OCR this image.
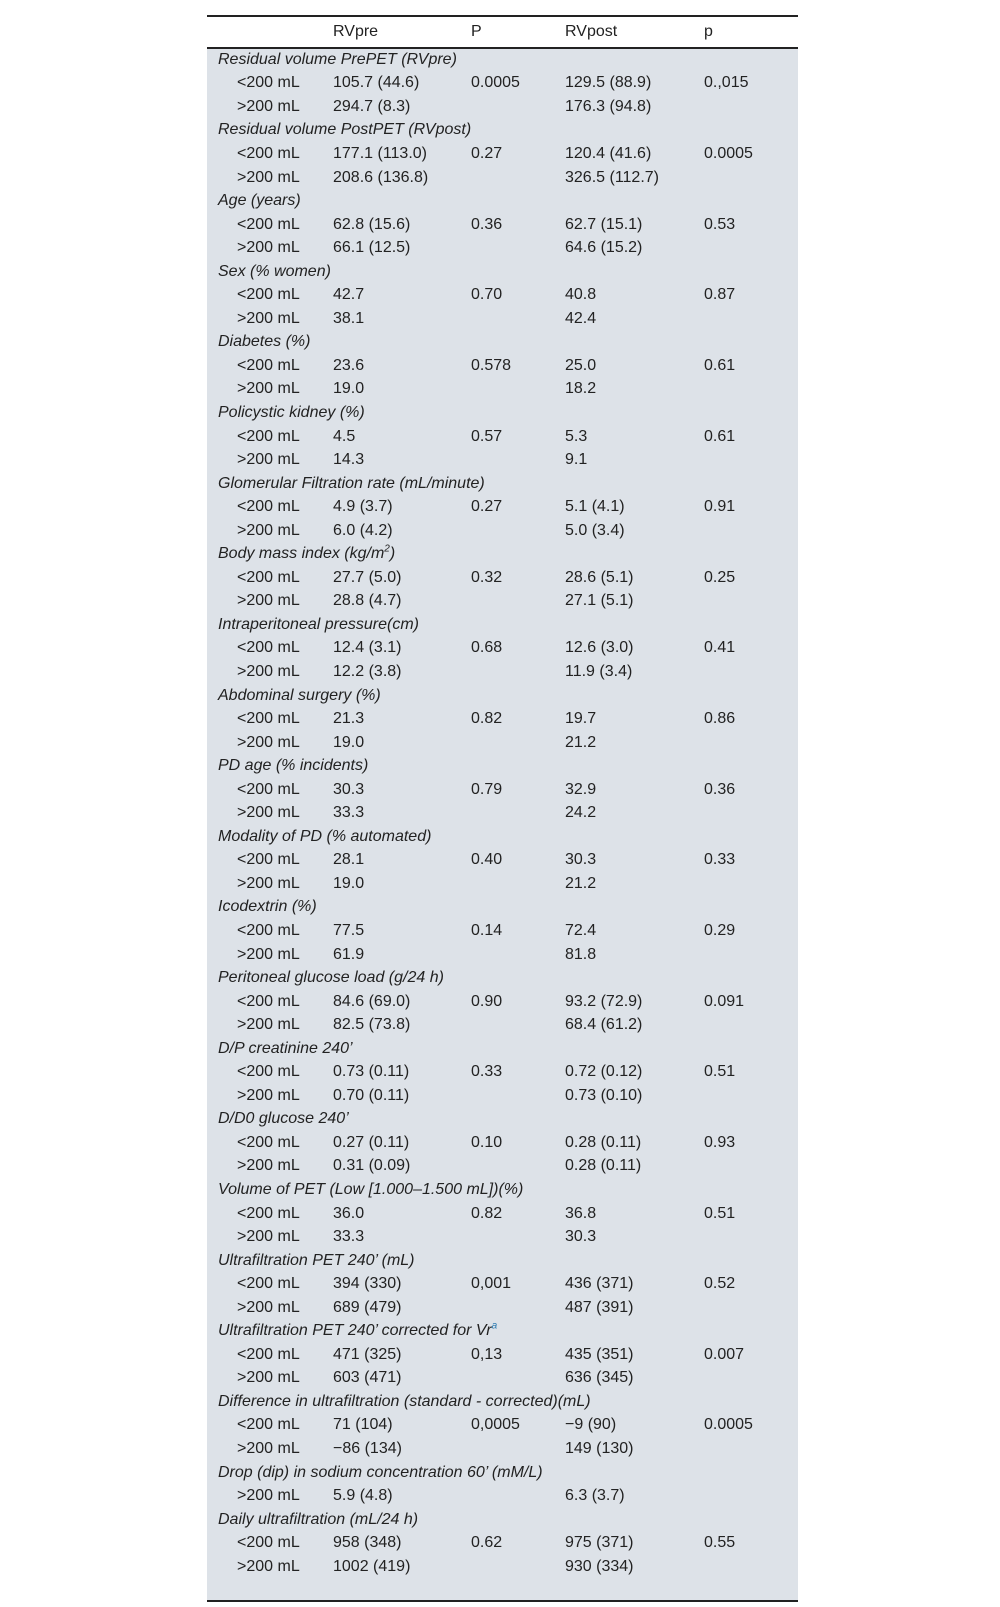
	RVpre	P	RVpost	p
Residual volume PrePET (RVpre)				
<200 mL	105.7 (44.6)	0.0005	129.5 (88.9)	0.,015
>200 mL	294.7 (8.3)		176.3 (94.8)	
Residual volume PostPET (RVpost)				
<200 mL	177.1 (113.0)	0.27	120.4 (41.6)	0.0005
>200 mL	208.6 (136.8)		326.5 (112.7)	
Age (years)				
<200 mL	62.8 (15.6)	0.36	62.7 (15.1)	0.53
>200 mL	66.1 (12.5)		64.6 (15.2)	
Sex (% women)				
<200 mL	42.7	0.70	40.8	0.87
>200 mL	38.1		42.4	
Diabetes (%)				
<200 mL	23.6	0.578	25.0	0.61
>200 mL	19.0		18.2	
Policystic kidney (%)				
<200 mL	4.5	0.57	5.3	0.61
>200 mL	14.3		9.1	
Glomerular Filtration rate (mL/minute)				
<200 mL	4.9 (3.7)	0.27	5.1 (4.1)	0.91
>200 mL	6.0 (4.2)		5.0 (3.4)	
Body mass index $(kg/m^2)$				
<200 mL	27.7 (5.0)	0.32	28.6 (5.1)	0.25
>200 mL	28.8 (4.7)		27.1 (5.1)	
Intraperitoneal pressure(cm)				
<200 mL	12.4 (3.1)	0.68	12.6 (3.0)	0.41
>200 mL	12.2 (3.8)		11.9 (3.4)	
Abdominal surgery (%)				
<200 mL	21.3	0.82	19.7	0.86
>200 mL	19.0		21.2	
PD age (% incidents)				
<200 mL	30.3	0.79	32.9	0.36
>200 mL	33.3		24.2	
Modality of PD (% automated)				
<200 mL	28.1	0.40	30.3	0.33
>200 mL	19.0		21.2	
Icodextrin (%)				
<200 mL	77.5	0.14	72.4	0.29
>200 mL	61.9		81.8	
Peritoneal glucose load (g/24 h)				
<200 mL	84.6 (69.0)	0.90	93.2 (72.9)	0.091
>200 mL	82.5 (73.8)		68.4 (61.2)	
D/P creatinine 240’				
<200 mL	0.73 (0.11)	0.33	0.72 (0.12)	0.51
>200 mL	0.70 (0.11)		0.73 (0.10)	
D/D0 glucose 240’				
<200 mL	0.27 (0.11)	0.10	0.28 (0.11)	0.93
>200 mL	0.31 (0.09)		0.28 (0.11)	
Volume of PET (Low [1.000–1.500 mL])(%)				
<200 mL	36.0	0.82	36.8	0.51
>200 mL	33.3		30.3	
Ultrafiltration PET 240’ (mL)				
<200 mL	394 (330)	0,001	436 (371)	0.52
>200 mL	689 (479)		487 (391)	
Ultrafiltration PET 240’ corrected for Vr$^a$
<200 mL	471 (325)	0,13	435 (351)	0.007
>200 mL	603 (471)		636 (345)	
Difference in ultrafiltration (standard - corrected)(mL)				
<200 mL	71 (104)	0,0005	−9 (90)	0.0005
>200 mL	−86 (134)		149 (130)	
Drop (dip) in sodium concentration 60’ (mM/L)				
>200 mL	5.9 (4.8)		6.3 (3.7)	
Daily ultrafiltration (mL/24 h)				
<200 mL	958 (348)	0.62	975 (371)	0.55
>200 mL	1002 (419)		930 (334)	
